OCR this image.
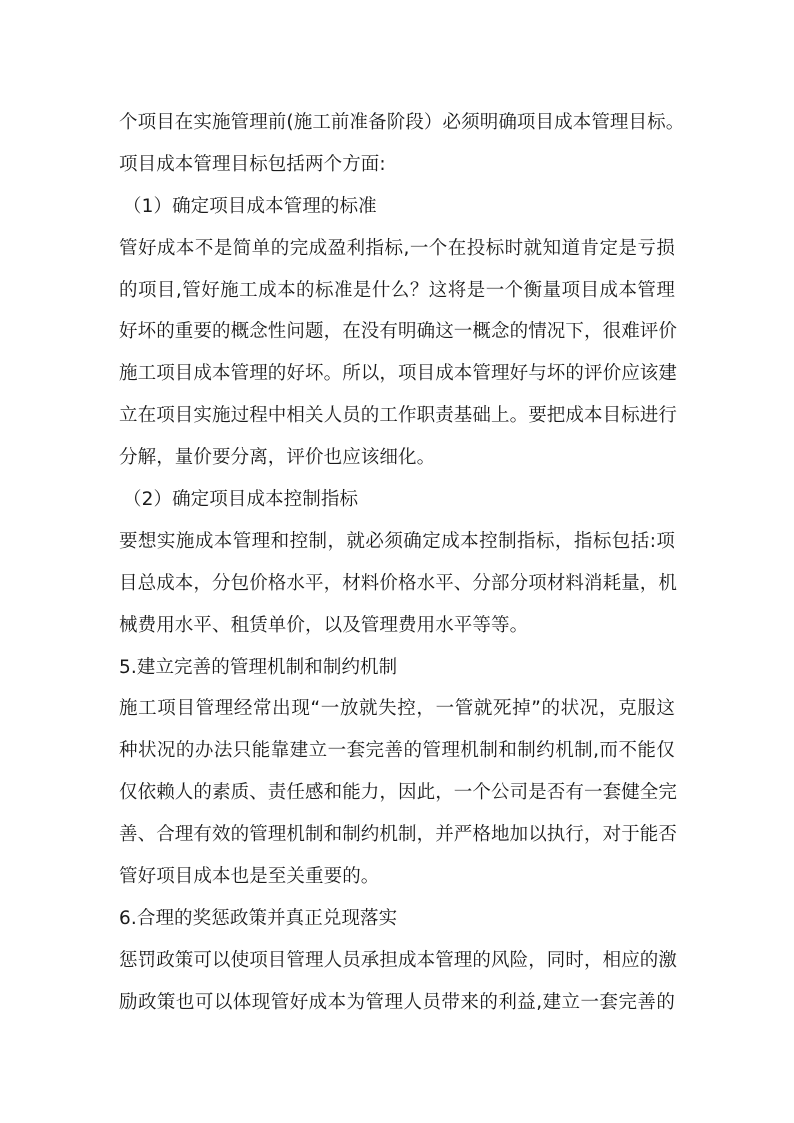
个项目在实施管理前(施工前准备阶段）必须明确项目成本管理目标。
项目成本管理目标包括两个方面:
（1）确定项目成本管理的标准
管好成本不是简单的完成盈利指标,一个在投标时就知道肯定是亏损
的项目,管好施工成本的标准是什么？这将是一个衡量项目成本管理
好坏的重要的概念性问题，在没有明确这一概念的情况下，很难评价
施工项目成本管理的好坏。所以，项目成本管理好与坏的评价应该建
立在项目实施过程中相关人员的工作职责基础上。要把成本目标进行
分解，量价要分离，评价也应该细化。
（2）确定项目成本控制指标
要想实施成本管理和控制，就必须确定成本控制指标，指标包括:项
目总成本，分包价格水平，材料价格水平、分部分项材料消耗量，机
械费用水平、租赁单价，以及管理费用水平等等。
5.建立完善的管理机制和制约机制
施工项目管理经常出现“一放就失控，一管就死掉”的状况，克服这
种状况的办法只能靠建立一套完善的管理机制和制约机制,而不能仅
仅依赖人的素质、责任感和能力，因此，一个公司是否有一套健全完
善、合理有效的管理机制和制约机制，并严格地加以执行，对于能否
管好项目成本也是至关重要的。
6.合理的奖惩政策并真正兑现落实
惩罚政策可以使项目管理人员承担成本管理的风险，同时，相应的激
励政策也可以体现管好成本为管理人员带来的利益,建立一套完善的
